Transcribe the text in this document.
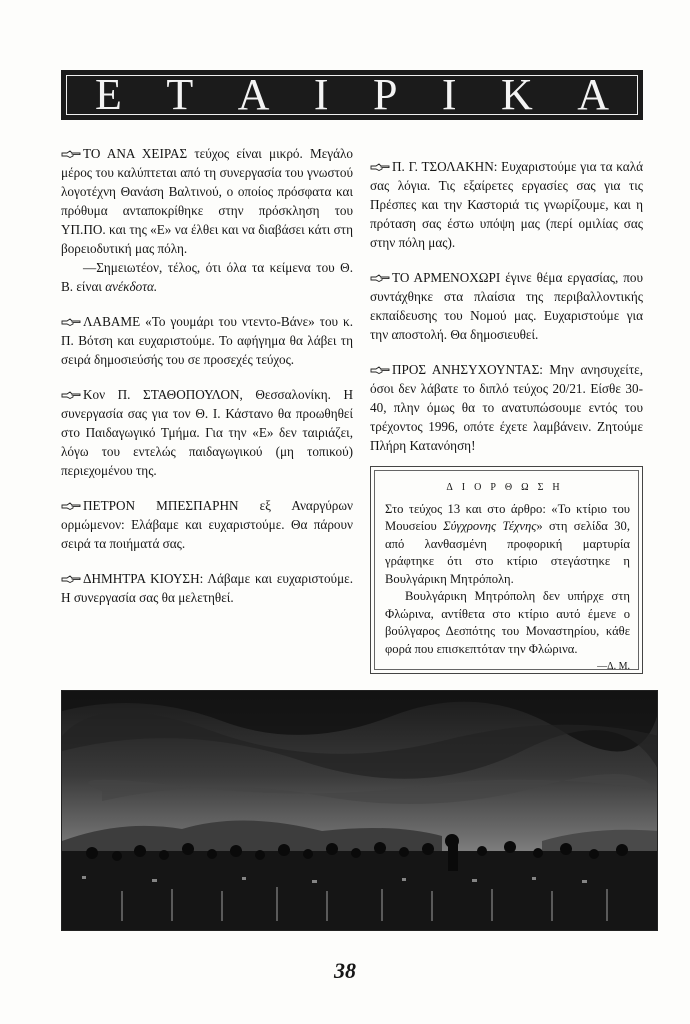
Ε Τ Α Ι Ρ Ι Κ Α

ΤΟ ΑΝΑ ΧΕΙΡΑΣ τεύχος είναι μικρό. Μεγάλο μέρος του καλύπτεται από τη συνεργασία του γνωστού λογοτέχνη Θανάση Βαλτινού, ο οποίος πρόσφατα και πρόθυμα ανταποκρίθηκε στην πρόσκληση του ΥΠ.ΠΟ. και της «Ε» να έλθει και να διαβάσει κάτι στη βορειοδυτική μας πόλη.

—Σημειωτέον, τέλος, ότι όλα τα κείμενα του Θ. Β. είναι ανέκδοτα.

ΛΑΒΑΜΕ «Το γουμάρι του ντεντο-Βάνε» του κ. Π. Βότση και ευχαριστούμε. Το αφήγημα θα λάβει τη σειρά δημοσιεύσής του σε προσεχές τεύχος.

Κον Π. ΣΤΑΘΟΠΟΥΛΟΝ, Θεσσαλονίκη. Η συνεργασία σας για τον Θ. Ι. Κάστανο θα προωθηθεί στο Παιδαγωγικό Τμήμα. Για την «Ε» δεν ταιριάζει, λόγω του εντελώς παιδαγωγικού (μη τοπικού) περιεχομένου της.

ΠΕΤΡΟΝ ΜΠΕΣΠΑΡΗΝ εξ Αναργύρων ορμώμενον: Ελάβαμε και ευχαριστούμε. Θα πάρουν σειρά τα ποιήματά σας.

ΔΗΜΗΤΡΑ ΚΙΟΥΣΗ: Λάβαμε και ευχαριστούμε. Η συνεργασία σας θα μελετηθεί.

Π. Γ. ΤΣΟΛΑΚΗΝ: Ευχαριστούμε για τα καλά σας λόγια. Τις εξαίρετες εργασίες σας για τις Πρέσπες και την Καστοριά τις γνωρίζουμε, και η πρόταση σας έστω υπόψη μας (περί ομιλίας σας στην πόλη μας).

ΤΟ ΑΡΜΕΝΟΧΩΡΙ έγινε θέμα εργασίας, που συντάχθηκε στα πλαίσια της περιβαλλοντικής εκπαίδευσης του Νομού μας. Ευχαριστούμε για την αποστολή. Θα δημοσιευθεί.

ΠΡΟΣ ΑΝΗΣΥΧΟΥΝΤΑΣ: Μην ανησυχείτε, όσοι δεν λάβατε το διπλό τεύχος 20/21. Είσθε 30-40, πλην όμως θα το ανατυπώσουμε εντός του τρέχοντος 1996, οπότε έχετε λαμβάνειν. Ζητούμε Πλήρη Κατανόηση!

ΔΙΟΡΘΩΣΗ

Στο τεύχος 13 και στο άρθρο: «Το κτίριο του Μουσείου Σύγχρονης Τέχνης» στη σελίδα 30, από λανθασμένη προφορική μαρτυρία γράφτηκε ότι στο κτίριο στεγάστηκε η Βουλγάρικη Μητρόπολη.

Βουλγάρικη Μητρόπολη δεν υπήρχε στη Φλώρινα, αντίθετα στο κτίριο αυτό έμενε ο βούλγαρος Δεσπότης του Μοναστηρίου, κάθε φορά που επισκεπτόταν την Φλώρινα.

—Δ. Μ.
38
